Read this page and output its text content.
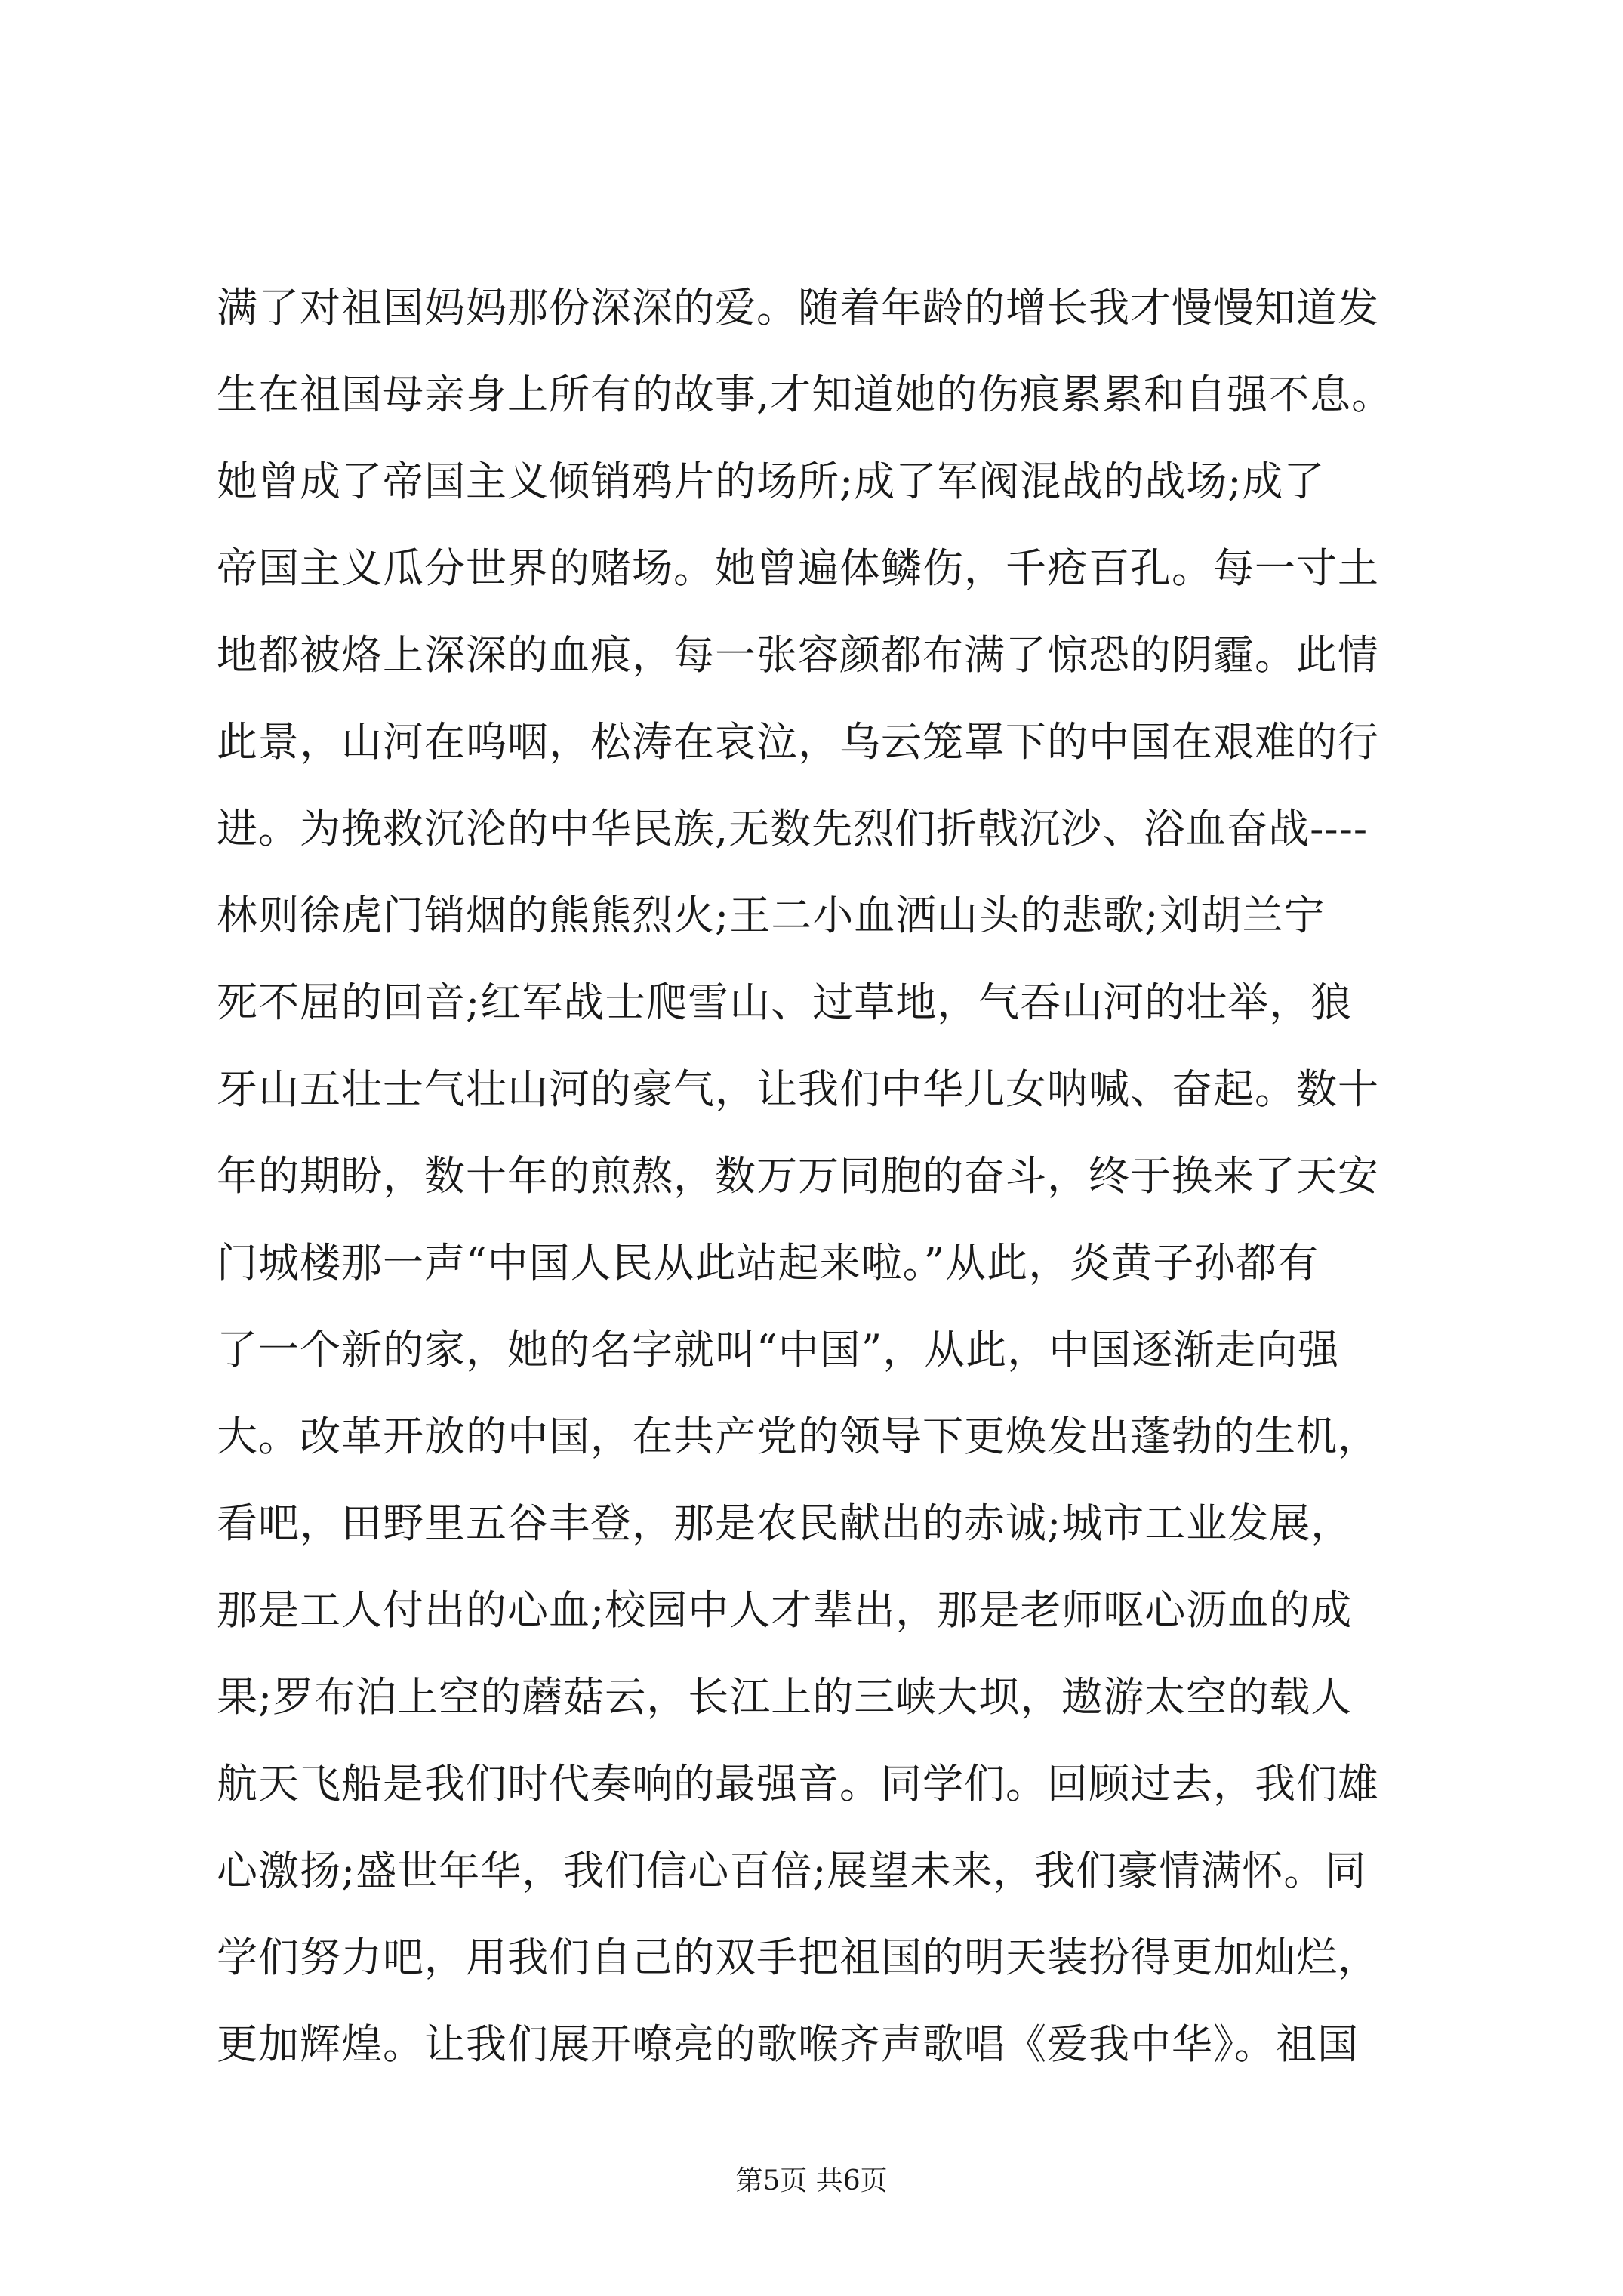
满了对祖国妈妈那份深深的爱。随着年龄的增长我才慢慢知道发
生在祖国母亲身上所有的故事,才知道她的伤痕累累和自强不息。
她曾成了帝国主义倾销鸦片的场所;成了军阀混战的战场;成了
帝国主义瓜分世界的赌场。她曾遍体鳞伤，千疮百孔。每一寸土
地都被烙上深深的血痕，每一张容颜都布满了惊恐的阴霾。此情
此景，山河在呜咽，松涛在哀泣，乌云笼罩下的中国在艰难的行
进。为挽救沉沦的中华民族,无数先烈们折戟沉沙、浴血奋战----
林则徐虎门销烟的熊熊烈火;王二小血洒山头的悲歌;刘胡兰宁
死不屈的回音;红军战士爬雪山、过草地，气吞山河的壮举，狼
牙山五壮士气壮山河的豪气，让我们中华儿女呐喊、奋起。数十
年的期盼，数十年的煎熬，数万万同胞的奋斗，终于换来了天安
门城楼那一声“中国人民从此站起来啦。”从此，炎黄子孙都有
了一个新的家，她的名字就叫“中国”，从此，中国逐渐走向强
大。改革开放的中国，在共产党的领导下更焕发出蓬勃的生机，
看吧，田野里五谷丰登，那是农民献出的赤诚;城市工业发展，
那是工人付出的心血;校园中人才辈出，那是老师呕心沥血的成
果;罗布泊上空的蘑菇云，长江上的三峡大坝，遨游太空的载人
航天飞船是我们时代奏响的最强音。同学们。回顾过去，我们雄
心激扬;盛世年华，我们信心百倍;展望未来，我们豪情满怀。同
学们努力吧，用我们自己的双手把祖国的明天装扮得更加灿烂，
更加辉煌。让我们展开嘹亮的歌喉齐声歌唱《爱我中华》。祖国
第5页 共6页
